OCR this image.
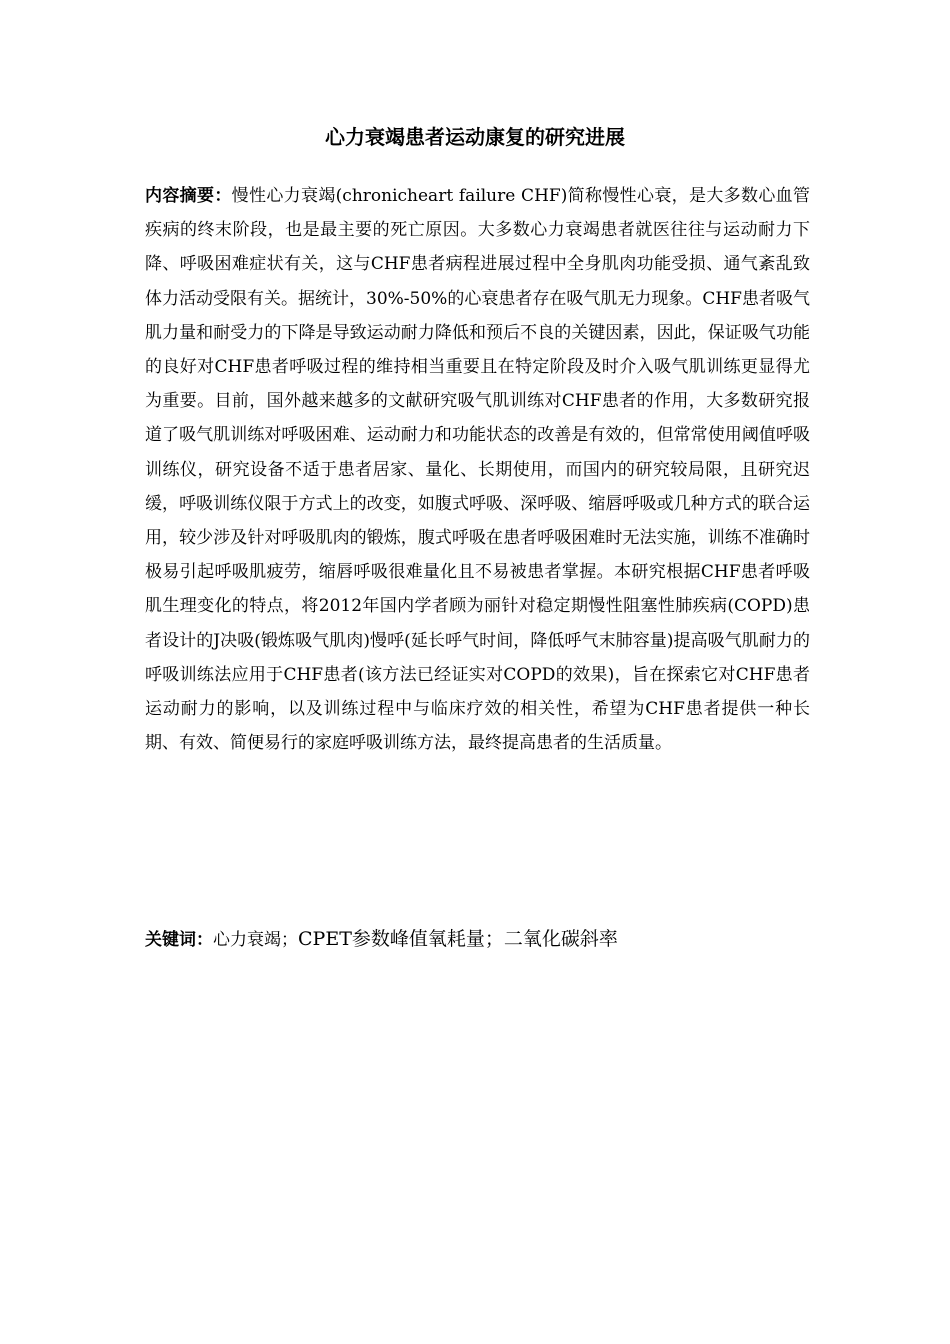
心力衰竭患者运动康复的研究进展

内容摘要：慢性心力衰竭(chronicheart failure CHF)简称慢性心衰，是大多数心血管疾病的终末阶段，也是最主要的死亡原因。大多数心力衰竭患者就医往往与运动耐力下降、呼吸困难症状有关，这与CHF患者病程进展过程中全身肌肉功能受损、通气紊乱致体力活动受限有关。据统计，30%-50%的心衰患者存在吸气肌无力现象。CHF患者吸气肌力量和耐受力的下降是导致运动耐力降低和预后不良的关键因素，因此，保证吸气功能的良好对CHF患者呼吸过程的维持相当重要且在特定阶段及时介入吸气肌训练更显得尤为重要。目前，国外越来越多的文献研究吸气肌训练对CHF患者的作用，大多数研究报道了吸气肌训练对呼吸困难、运动耐力和功能状态的改善是有效的，但常常使用阈值呼吸训练仪，研究设备不适于患者居家、量化、长期使用，而国内的研究较局限，且研究迟缓，呼吸训练仪限于方式上的改变，如腹式呼吸、深呼吸、缩唇呼吸或几种方式的联合运用，较少涉及针对呼吸肌肉的锻炼，腹式呼吸在患者呼吸困难时无法实施，训练不准确时极易引起呼吸肌疲劳，缩唇呼吸很难量化且不易被患者掌握。本研究根据CHF患者呼吸肌生理变化的特点，将2012年国内学者顾为丽针对稳定期慢性阻塞性肺疾病(COPD)患者设计的J决吸(锻炼吸气肌肉)慢呼(延长呼气时间，降低呼气末肺容量)提高吸气肌耐力的呼吸训练法应用于CHF患者(该方法已经证实对COPD的效果)，旨在探索它对CHF患者运动耐力的影响，以及训练过程中与临床疗效的相关性，希望为CHF患者提供一种长期、有效、简便易行的家庭呼吸训练方法，最终提高患者的生活质量。

关键词：心力衰竭；CPET参数峰值氧耗量；二氧化碳斜率
